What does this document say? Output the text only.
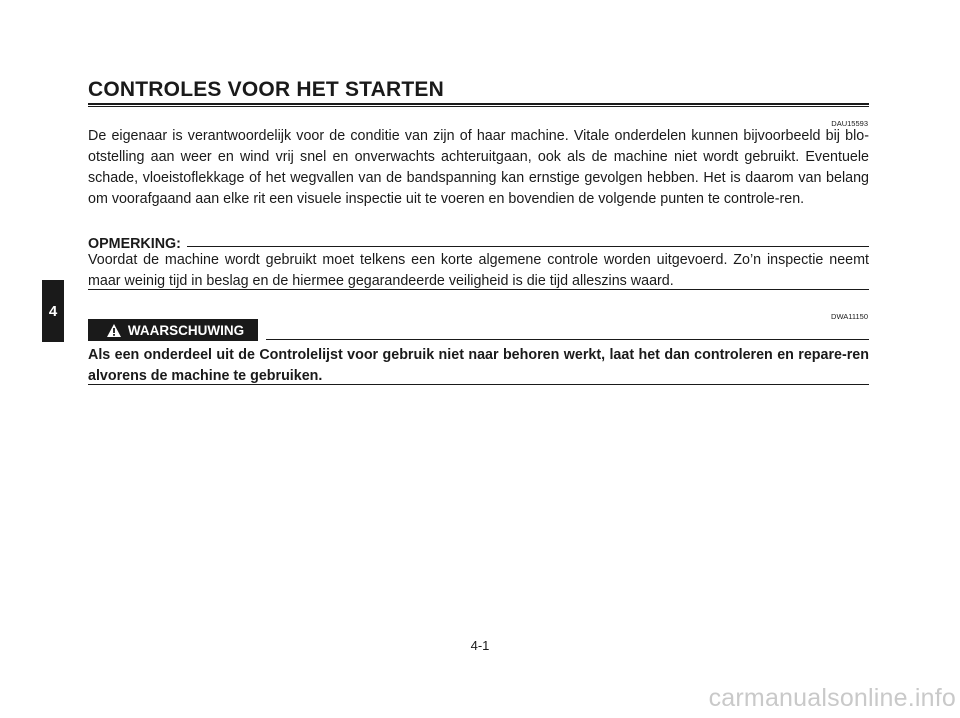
4
CONTROLES VOOR HET STARTEN
DAU15593
De eigenaar is verantwoordelijk voor de conditie van zijn of haar machine. Vitale onderdelen kunnen bijvoorbeeld bij blo-otstelling aan weer en wind vrij snel en onverwachts achteruitgaan, ook als de machine niet wordt gebruikt. Eventuele schade, vloeistoflekkage of het wegvallen van de bandspanning kan ernstige gevolgen hebben. Het is daarom van belang om voorafgaand aan elke rit een visuele inspectie uit te voeren en bovendien de volgende punten te controle-ren.
OPMERKING:
Voordat de machine wordt gebruikt moet telkens een korte algemene controle worden uitgevoerd. Zo’n inspectie neemt maar weinig tijd in beslag en de hiermee gegarandeerde veiligheid is die tijd alleszins waard.
DWA11150
WAARSCHUWING
Als een onderdeel uit de Controlelijst voor gebruik niet naar behoren werkt, laat het dan controleren en repare-ren alvorens de machine te gebruiken.
4-1
carmanualsonline.info
